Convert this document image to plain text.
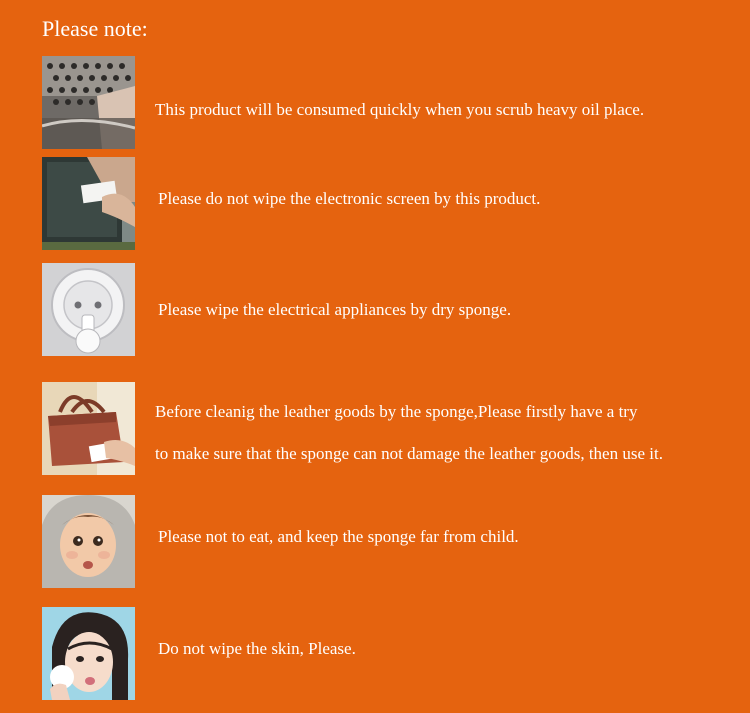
Please note:
This product will be consumed quickly when you scrub heavy oil place.
Please do not wipe the electronic screen by this product.
Please wipe the electrical appliances by dry sponge.
Before cleanig the leather goods by the sponge,Please firstly have a try
to make sure that the sponge can not damage the leather goods, then use it.
Please not to eat, and keep the sponge far from child.
Do not wipe the skin, Please.
